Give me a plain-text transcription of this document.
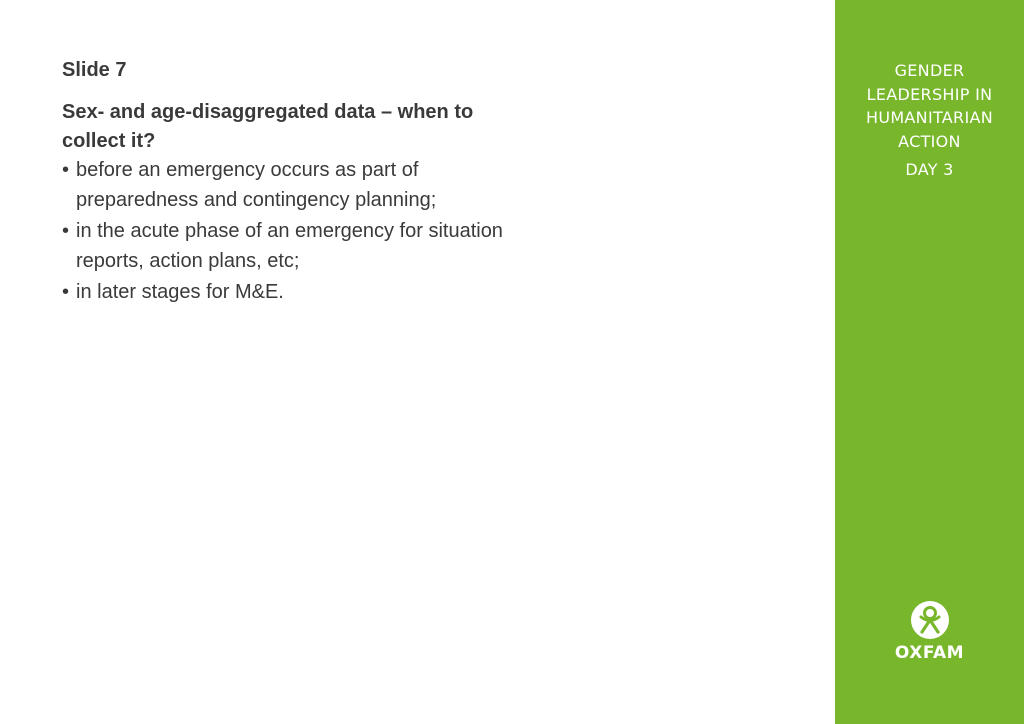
Slide 7
Sex- and age-disaggregated data – when to
collect it?
• before an emergency occurs as part of
preparedness and contingency planning;
• in the acute phase of an emergency for situation
reports, action plans, etc;
• in later stages for M&E.
GENDER
LEADERSHIP IN
HUMANITARIAN
ACTION
DAY 3
OXFAM
